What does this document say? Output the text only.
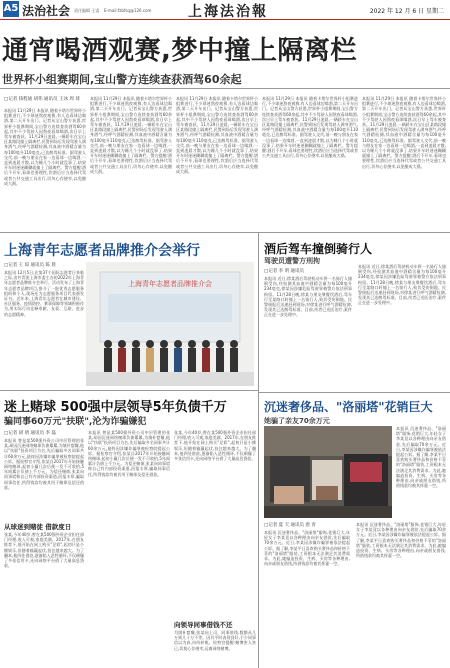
A5 法治社会 责任编辑 王睿 E-mail:fzbfsq@126.com	上海法治報	2022 年 12 月 6 日 星期二
通宵喝酒观赛,梦中撞上隔离栏
世界杯小组赛期间,宝山警方连续查获酒驾60余起
□记者 钱程通 胡伟 通讯员 王冰 周 琦
本报讯 11月29日 本报讯 随着卡塔尔世界杯小组赛进行,不少球迷熬夜观赛,有人边看球边喝酒,第二天开车出门。记者从宝山警方获悉,世界杯小组赛期间,宝山警方连续查获酒驾60余起,其中不少驾驶人因熬夜看球喝酒,次日早上驾车被查获。11月29日凌晨,一辆轿车在宝山区某路段撞上隔离栏,民警到场后发现驾驶人满身酒气,经呼气酒精检测,其血液中酒精含量为每100毫升110毫克,已达醉驾标准。据驾驶人交代,前一晚与朋友在家一边看球一边喝酒,一直到凌晨才散,以为睡几个小时就没事了,结果开车时迷迷糊糊就撞上了隔离栏。警方提醒:酒后不开车,看球也要理性,饮酒后应当选择代驾或者公共交通工具出行,切勿心存侥幸,以免酿成大祸。
本报讯 11月29日 本报讯 随着卡塔尔世界杯小组赛进行,不少球迷熬夜观赛,有人边看球边喝酒,第二天开车出门。记者从宝山警方获悉,世界杯小组赛期间,宝山警方连续查获酒驾60余起,其中不少驾驶人因熬夜看球喝酒,次日早上驾车被查获。11月29日凌晨,一辆轿车在宝山区某路段撞上隔离栏,民警到场后发现驾驶人满身酒气,经呼气酒精检测,其血液中酒精含量为每100毫升110毫克,已达醉驾标准。据驾驶人交代,前一晚与朋友在家一边看球一边喝酒,一直到凌晨才散,以为睡几个小时就没事了,结果开车时迷迷糊糊就撞上了隔离栏。警方提醒:酒后不开车,看球也要理性,饮酒后应当选择代驾或者公共交通工具出行,切勿心存侥幸,以免酿成大祸。
本报讯 11月29日 本报讯 随着卡塔尔世界杯小组赛进行,不少球迷熬夜观赛,有人边看球边喝酒,第二天开车出门。记者从宝山警方获悉,世界杯小组赛期间,宝山警方连续查获酒驾60余起,其中不少驾驶人因熬夜看球喝酒,次日早上驾车被查获。11月29日凌晨,一辆轿车在宝山区某路段撞上隔离栏,民警到场后发现驾驶人满身酒气,经呼气酒精检测,其血液中酒精含量为每100毫升110毫克,已达醉驾标准。据驾驶人交代,前一晚与朋友在家一边看球一边喝酒,一直到凌晨才散,以为睡几个小时就没事了,结果开车时迷迷糊糊就撞上了隔离栏。警方提醒:酒后不开车,看球也要理性,饮酒后应当选择代驾或者公共交通工具出行,切勿心存侥幸,以免酿成大祸。
本报讯 11月29日 本报讯 随着卡塔尔世界杯小组赛进行,不少球迷熬夜观赛,有人边看球边喝酒,第二天开车出门。记者从宝山警方获悉,世界杯小组赛期间,宝山警方连续查获酒驾60余起,其中不少驾驶人因熬夜看球喝酒,次日早上驾车被查获。11月29日凌晨,一辆轿车在宝山区某路段撞上隔离栏,民警到场后发现驾驶人满身酒气,经呼气酒精检测,其血液中酒精含量为每100毫升110毫克,已达醉驾标准。据驾驶人交代,前一晚与朋友在家一边看球一边喝酒,一直到凌晨才散,以为睡几个小时就没事了,结果开车时迷迷糊糊就撞上了隔离栏。警方提醒:酒后不开车,看球也要理性,饮酒后应当选择代驾或者公共交通工具出行,切勿心存侥幸,以免酿成大祸。
本报讯 11月29日 本报讯 随着卡塔尔世界杯小组赛进行,不少球迷熬夜观赛,有人边看球边喝酒,第二天开车出门。记者从宝山警方获悉,世界杯小组赛期间,宝山警方连续查获酒驾60余起,其中不少驾驶人因熬夜看球喝酒,次日早上驾车被查获。11月29日凌晨,一辆轿车在宝山区某路段撞上隔离栏,民警到场后发现驾驶人满身酒气,经呼气酒精检测,其血液中酒精含量为每100毫升110毫克,已达醉驾标准。据驾驶人交代,前一晚与朋友在家一边看球一边喝酒,一直到凌晨才散,以为睡几个小时就没事了,结果开车时迷迷糊糊就撞上了隔离栏。警方提醒:酒后不开车,看球也要理性,饮酒后应当选择代驾或者公共交通工具出行,切勿心存侥幸,以免酿成大祸。
上海青年志愿者品牌推介会举行
□记者 王 琼 通讯员 陈 晨
本报讯 12月5日,在第37个国际志愿者日来临之际,由共青团上海市委主办的2022年上海青年志愿者品牌推介会举行。活动发布了上海青年志愿者品牌项目,推介了一批优秀志愿服务组织和个人,现场还为志愿服务项目代表颁发证书。近年来,上海青年志愿者在城市建设、社区服务、疫情防控、赛事保障等领域积极作为,用实际行动诠释奉献、友爱、互助、进步的志愿精神。
上海青年志愿者品牌推介会
迷上赌球 500强中层领导5年负债千万
骗同事60万元"扶联",沦为诈骗嫌犯
□记者 胡 倩 通讯员 李 磊
本报讯 曾是某500强外资公司中层管理的张某,却因沉迷网络赌球负债累累,为填补窟窿,他以"扶联"投资项目为名,先后骗取多名同事共计60余万元,最终因涉嫌诈骗罪被检察院提起公诉。据检察官介绍,张某自2017年开始接触网络赌球,起初小赢几次后便一发不可收拾,5年间累计负债上千万元。为偿还赌债,张某向同事谎称自己有内部投资渠道,回报丰厚,骗取同事信任,所得钱款均被其用于赌球及偿还借款。
从球迷到赌徒 借款度日
张某,今年40岁,曾在某500强外资企业担任部门经理,收入可观,家庭美满。2017年,在朋友推荐下,他开始在网上购买"足彩",起初只是小额娱乐,但随着输赢起伏,投注越来越大。为了翻本,他四处借款,逐渐陷入恶性循环,不仅刷爆了多张信用卡,还向网络平台借了大量高息贷款。
本报讯 曾是某500强外资公司中层管理的张某,却因沉迷网络赌球负债累累,为填补窟窿,他以"扶联"投资项目为名,先后骗取多名同事共计60余万元,最终因涉嫌诈骗罪被检察院提起公诉。据检察官介绍,张某自2017年开始接触网络赌球,起初小赢几次后便一发不可收拾,5年间累计负债上千万元。为偿还赌债,张某向同事谎称自己有内部投资渠道,回报丰厚,骗取同事信任,所得钱款均被其用于赌球及偿还借款。
张某,今年40岁,曾在某500强外资企业担任部门经理,收入可观,家庭美满。2017年,在朋友推荐下,他开始在网上购买"足彩",起初只是小额娱乐,但随着输赢起伏,投注越来越大。为了翻本,他四处借款,逐渐陷入恶性循环,不仅刷爆了多张信用卡,还向网络平台借了大量高息贷款。
向领导同事借钱不还
为填补窟窿,张某向上司、同事借钱,数额从几万到几十万不等。因其平时表现良好,不少同事信以为真,纷纷转账。检察官提醒:赌博害人害己,切莫心存侥幸,远离网络赌博。
酒后驾车撞倒骑行人
驾驶员遭警方刑拘
□记者 李 明 通讯员
本报讯 近日,徐某酒后驾驶机动车将一名骑行人撞倒受伤,经检测其血液中酒精含量为每100毫升234毫克,徐某因涉嫌危险驾驶罪被警方依法刑事拘留。11月28日晚,徐某与朋友聚餐饮酒后,驾车行至某路口时撞上一名骑行人,致其受伤倒地。民警接报后迅速赶到现场,对徐某进行呼气酒精检测,发现其已达醉驾标准。目前,伤者已送医治疗,案件正在进一步处理中。
本报讯 近日,徐某酒后驾驶机动车将一名骑行人撞倒受伤,经检测其血液中酒精含量为每100毫升234毫克,徐某因涉嫌危险驾驶罪被警方依法刑事拘留。11月28日晚,徐某与朋友聚餐饮酒后,驾车行至某路口时撞上一名骑行人,致其受伤倒地。民警接报后迅速赶到现场,对徐某进行呼气酒精检测,发现其已达醉驾标准。目前,伤者已送医治疗,案件正在进一步处理中。
沉迷奢侈品、"洛丽塔"花销巨大
她骗了亲友70余万元
本报讯 沉迷奢侈品、"洛丽塔"服饰,花销巨大,年轻女子李某竟以各种理由向亲友借款,先后骗取70余万元。近日,李某因涉嫌诈骗罪被依法提起公诉。据了解,李某平日喜欢购买奢侈品和价格不菲的"洛丽塔"服装,工资根本无法满足其消费需求。为此,她编造投资、生病、买房等各种理由,向亲戚朋友借钱,所借钱款均被其挥霍一空。
□记者 夏 天 通讯员 唐 青
本报讯 沉迷奢侈品、"洛丽塔"服饰,花销巨大,年轻女子李某竟以各种理由向亲友借款,先后骗取70余万元。近日,李某因涉嫌诈骗罪被依法提起公诉。据了解,李某平日喜欢购买奢侈品和价格不菲的"洛丽塔"服装,工资根本无法满足其消费需求。为此,她编造投资、生病、买房等各种理由,向亲戚朋友借钱,所借钱款均被其挥霍一空。
本报讯 沉迷奢侈品、"洛丽塔"服饰,花销巨大,年轻女子李某竟以各种理由向亲友借款,先后骗取70余万元。近日,李某因涉嫌诈骗罪被依法提起公诉。据了解,李某平日喜欢购买奢侈品和价格不菲的"洛丽塔"服装,工资根本无法满足其消费需求。为此,她编造投资、生病、买房等各种理由,向亲戚朋友借钱,所借钱款均被其挥霍一空。
